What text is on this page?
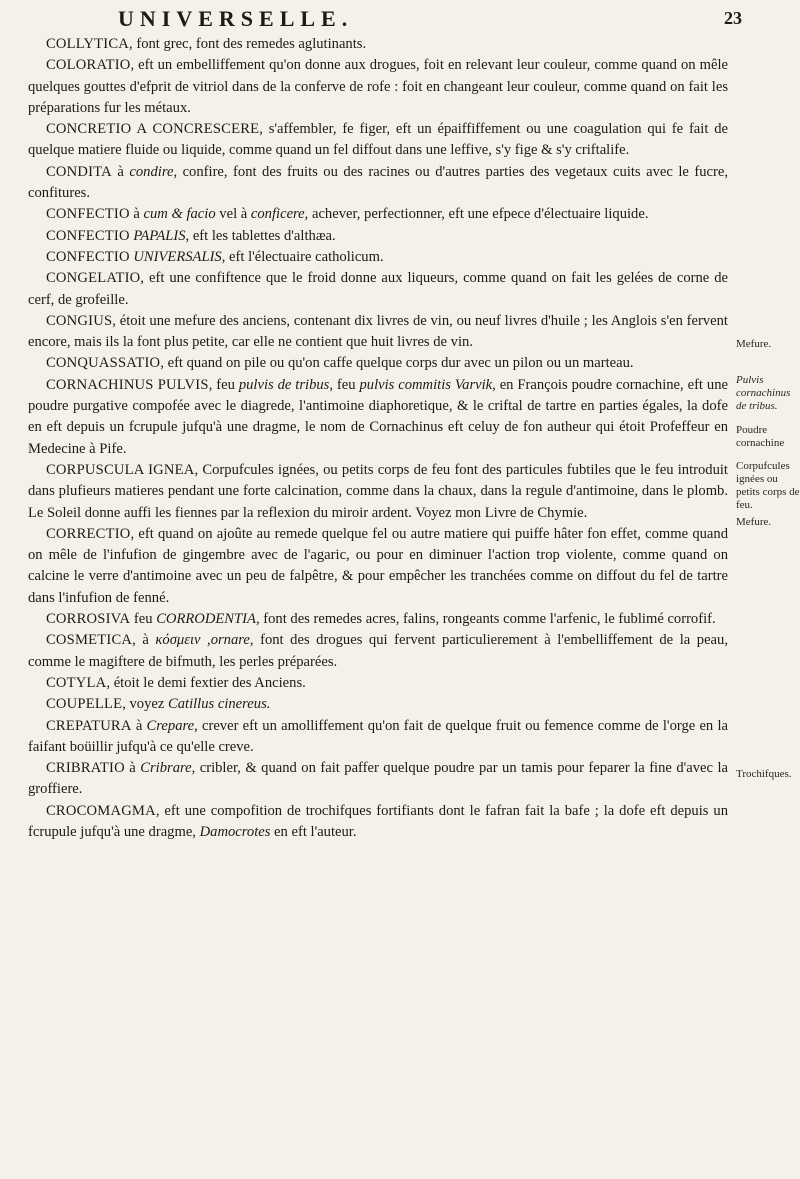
UNIVERSELLE.	23

COLLYTICA, font grec, font des remedes aglutinants.

COLORATIO, eft un embelliffement qu'on donne aux drogues, foit en relevant leur couleur, comme quand on mêle quelques gouttes d'efprit de vitriol dans de la conferve de rofe : foit en changeant leur couleur, comme quand on fait les préparations fur les métaux.

CONCRETIO A CONCRESCERE, s'affembler, fe figer, eft un épaiffiffement ou une coagulation qui fe fait de quelque matiere fluide ou liquide, comme quand un fel diffout dans une leffive, s'y fige & s'y criftalife.

CONDITA à condire, confire, font des fruits ou des racines ou d'autres parties des vegetaux cuits avec le fucre, confitures.

CONFECTIO à cum & facio vel à conficere, achever, perfectionner, eft une efpece d'électuaire liquide.

CONFECTIO PAPALIS, eft les tablettes d'althæa.

CONFECTIO UNIVERSALIS, eft l'électuaire catholicum.

CONGELATIO, eft une confiftence que le froid donne aux liqueurs, comme quand on fait les gelées de corne de cerf, de grofeille.

CONGIUS, étoit une mefure des anciens, contenant dix livres de vin, ou neuf livres d'huile ; les Anglois s'en fervent encore, mais ils la font plus petite, car elle ne contient que huit livres de vin.

CONQUASSATIO, eft quand on pile ou qu'on caffe quelque corps dur avec un pilon ou un marteau.

CORNACHINUS PULVIS, feu pulvis de tribus, feu pulvis commitis Varvik, en François poudre cornachine, eft une poudre purgative compofée avec le diagrede, l'antimoine diaphoretique, & le criftal de tartre en parties égales, la dofe en eft depuis un fcrupule jufqu'à une dragme, le nom de Cornachinus eft celuy de fon autheur qui étoit Profeffeur en Medecine à Pife.

CORPUSCULA IGNEA, Corpufcules ignées, ou petits corps de feu font des particules fubtiles que le feu introduit dans plufieurs matieres pendant une forte calcination, comme dans la chaux, dans la regule d'antimoine, dans le plomb. Le Soleil donne auffi les fiennes par la reflexion du miroir ardent. Voyez mon Livre de Chymie.

CORRECTIO, eft quand on ajoûte au remede quelque fel ou autre matiere qui puiffe hâter fon effet, comme quand on mêle de l'infufion de gingembre avec de l'agaric, ou pour en diminuer l'action trop violente, comme quand on calcine le verre d'antimoine avec un peu de falpêtre, & pour empêcher les tranchées comme on diffout du fel de tartre dans l'infufion de fenné.

CORROSIVA feu CORRODENTIA, font des remedes acres, falins, rongeants comme l'arfenic, le fublimé corrofif.

COSMETICA, à κόσμειν ,ornare, font des drogues qui fervent particulierement à l'embelliffement de la peau, comme le magiftere de bifmuth, les perles préparées.

COTYLA, étoit le demi fextier des Anciens.

COUPELLE, voyez Catillus cinereus.

CREPATURA à Crepare, crever eft un amolliffement qu'on fait de quelque fruit ou femence comme de l'orge en la faifant boüillir jufqu'à ce qu'elle creve.

CRIBRATIO à Cribrare, cribler, & quand on fait paffer quelque poudre par un tamis pour feparer la fine d'avec la groffiere.

CROCOMAGMA, eft une compofition de trochifques fortifiants dont le fafran fait la bafe ; la dofe eft depuis un fcrupule jufqu'à une dragme, Damocrotes en eft l'auteur.

Mefure.
Pulvis cornachinus de tribus.
Poudre cornachine
Corpufcules ignées ou petits corps de feu.
Mefure.
Trochifques.
